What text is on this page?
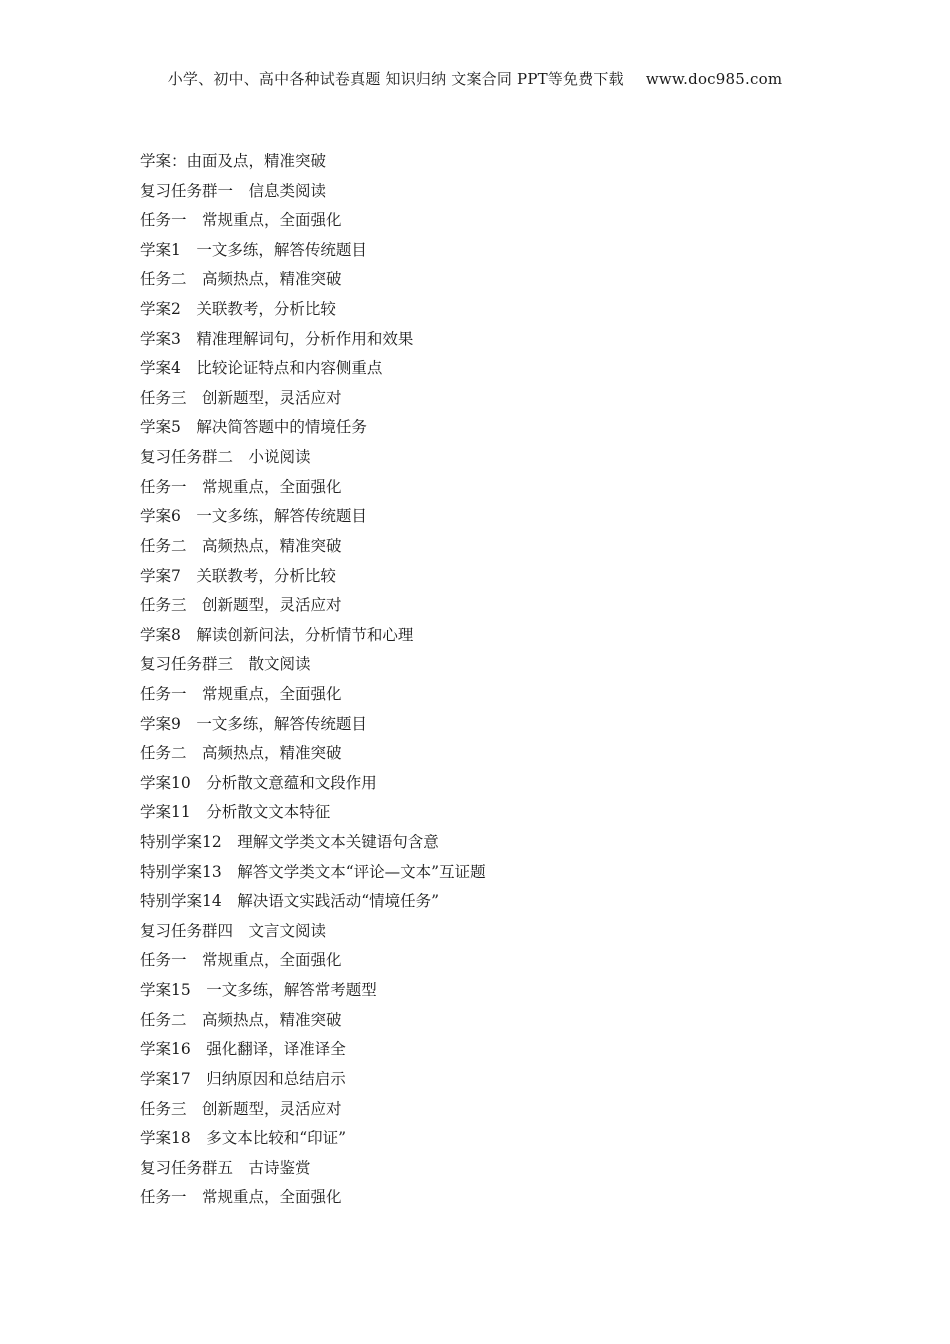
小学、初中、高中各种试卷真题 知识归纳 文案合同 PPT等免费下载 www.doc985.com
学案：由面及点，精准突破
复习任务群一　信息类阅读
任务一　常规重点，全面强化
学案1　一文多练，解答传统题目
任务二　高频热点，精准突破
学案2　关联教考，分析比较
学案3　精准理解词句，分析作用和效果
学案4　比较论证特点和内容侧重点
任务三　创新题型，灵活应对
学案5　解决简答题中的情境任务
复习任务群二　小说阅读
任务一　常规重点，全面强化
学案6　一文多练，解答传统题目
任务二　高频热点，精准突破
学案7　关联教考，分析比较
任务三　创新题型，灵活应对
学案8　解读创新问法，分析情节和心理
复习任务群三　散文阅读
任务一　常规重点，全面强化
学案9　一文多练，解答传统题目
任务二　高频热点，精准突破
学案10　分析散文意蕴和文段作用
学案11　分析散文文本特征
特别学案12　理解文学类文本关键语句含意
特别学案13　解答文学类文本“评论—文本”互证题
特别学案14　解决语文实践活动“情境任务”
复习任务群四　文言文阅读
任务一　常规重点，全面强化
学案15　一文多练，解答常考题型
任务二　高频热点，精准突破
学案16　强化翻译，译准译全
学案17　归纳原因和总结启示
任务三　创新题型，灵活应对
学案18　多文本比较和“印证”
复习任务群五　古诗鉴赏
任务一　常规重点，全面强化
